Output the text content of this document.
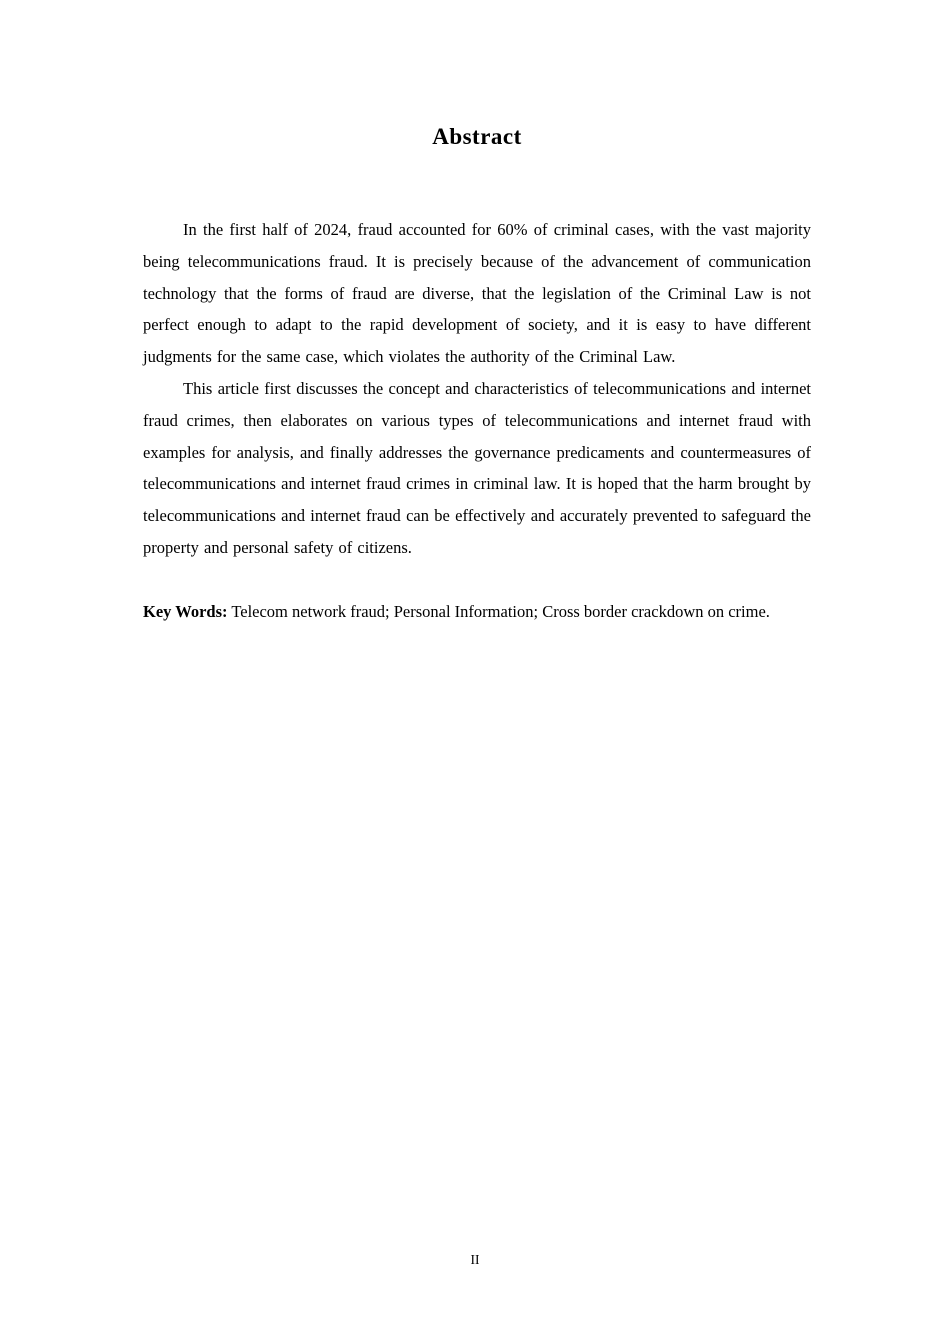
Abstract

In the first half of 2024, fraud accounted for 60% of criminal cases, with the vast majority being telecommunications fraud. It is precisely because of the advancement of communication technology that the forms of fraud are diverse, that the legislation of the Criminal Law is not perfect enough to adapt to the rapid development of society, and it is easy to have different judgments for the same case, which violates the authority of the Criminal Law.

This article first discusses the concept and characteristics of telecommunications and internet fraud crimes, then elaborates on various types of telecommunications and internet fraud with examples for analysis, and finally addresses the governance predicaments and countermeasures of telecommunications and internet fraud crimes in criminal law. It is hoped that the harm brought by telecommunications and internet fraud can be effectively and accurately prevented to safeguard the property and personal safety of citizens.

Key Words: Telecom network fraud; Personal Information; Cross border crackdown on crime.

II
